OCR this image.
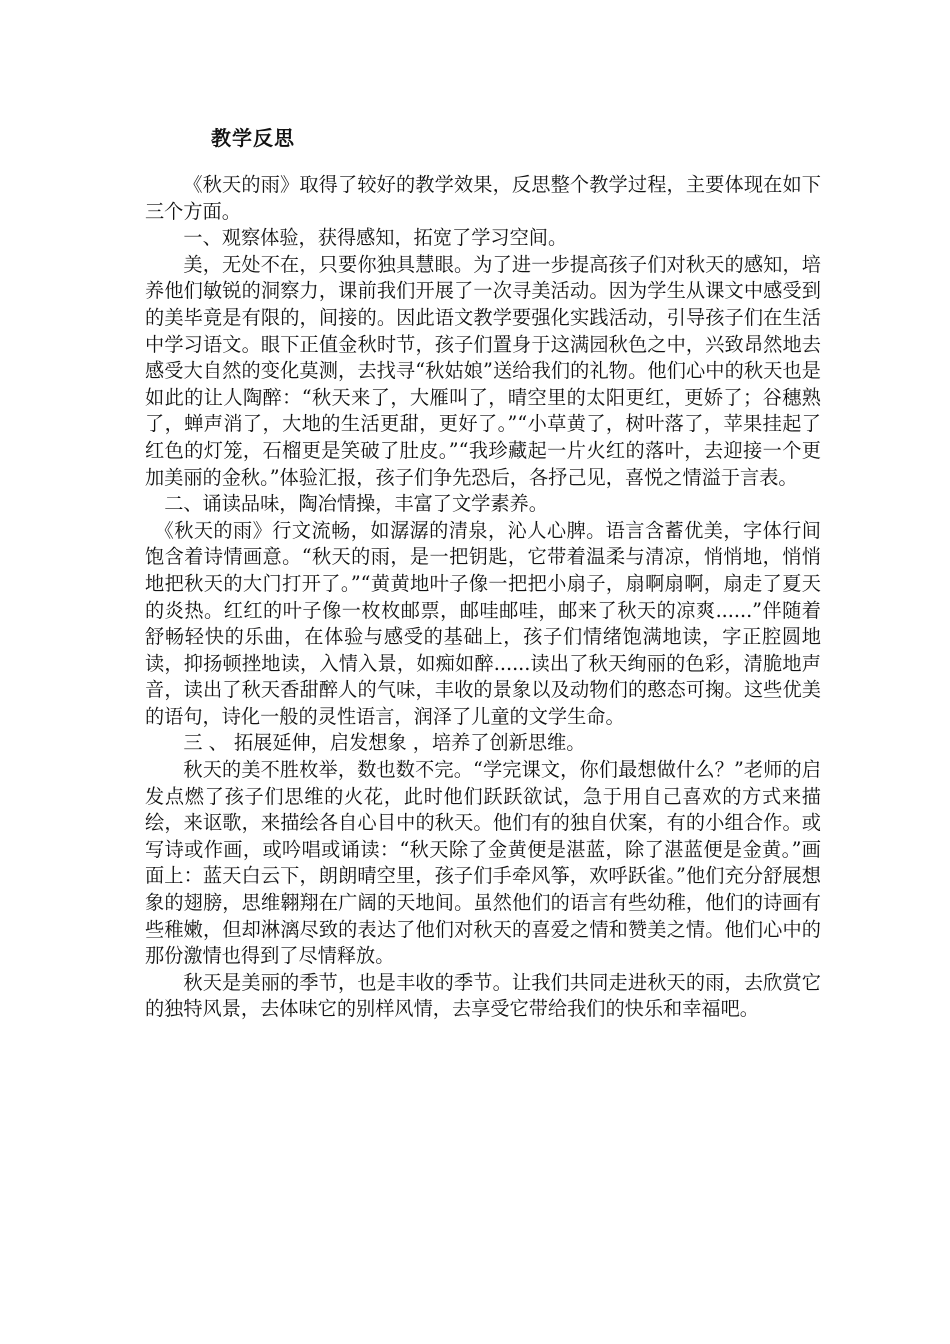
教学反思

《秋天的雨》取得了较好的教学效果，反思整个教学过程，主要体现在如下三个方面。

一、观察体验，获得感知，拓宽了学习空间。

美，无处不在，只要你独具慧眼。为了进一步提高孩子们对秋天的感知，培养他们敏锐的洞察力，课前我们开展了一次寻美活动。因为学生从课文中感受到的美毕竟是有限的，间接的。因此语文教学要强化实践活动，引导孩子们在生活中学习语文。眼下正值金秋时节，孩子们置身于这满园秋色之中，兴致昂然地去感受大自然的变化莫测，去找寻“秋姑娘”送给我们的礼物。他们心中的秋天也是如此的让人陶醉：“秋天来了，大雁叫了，晴空里的太阳更红，更娇了；谷穗熟了，蝉声消了，大地的生活更甜，更好了。”“小草黄了，树叶落了，苹果挂起了红色的灯笼，石榴更是笑破了肚皮。”“我珍藏起一片火红的落叶，去迎接一个更加美丽的金秋。”体验汇报，孩子们争先恐后，各抒己见，喜悦之情溢于言表。

二、诵读品味，陶冶情操，丰富了文学素养。

《秋天的雨》行文流畅，如潺潺的清泉，沁人心脾。语言含蓄优美，字体行间饱含着诗情画意。“秋天的雨，是一把钥匙，它带着温柔与清凉，悄悄地，悄悄地把秋天的大门打开了。”“黄黄地叶子像一把把小扇子，扇啊扇啊，扇走了夏天的炎热。红红的叶子像一枚枚邮票，邮哇邮哇，邮来了秋天的凉爽......”伴随着舒畅轻快的乐曲，在体验与感受的基础上，孩子们情绪饱满地读，字正腔圆地读，抑扬顿挫地读，入情入景，如痴如醉......读出了秋天绚丽的色彩，清脆地声音，读出了秋天香甜醉人的气味，丰收的景象以及动物们的憨态可掬。这些优美的语句，诗化一般的灵性语言，润泽了儿童的文学生命。

三 、 拓展延伸，启发想象 ，培养了创新思维。

秋天的美不胜枚举，数也数不完。“学完课文，你们最想做什么？”老师的启发点燃了孩子们思维的火花，此时他们跃跃欲试，急于用自己喜欢的方式来描绘，来讴歌，来描绘各自心目中的秋天。他们有的独自伏案，有的小组合作。或写诗或作画，或吟唱或诵读：“秋天除了金黄便是湛蓝，除了湛蓝便是金黄。”画面上：蓝天白云下，朗朗晴空里，孩子们手牵风筝，欢呼跃雀。”他们充分舒展想象的翅膀，思维翱翔在广阔的天地间。虽然他们的语言有些幼稚，他们的诗画有些稚嫩，但却淋漓尽致的表达了他们对秋天的喜爱之情和赞美之情。他们心中的那份激情也得到了尽情释放。

秋天是美丽的季节，也是丰收的季节。让我们共同走进秋天的雨，去欣赏它的独特风景，去体味它的别样风情，去享受它带给我们的快乐和幸福吧。
